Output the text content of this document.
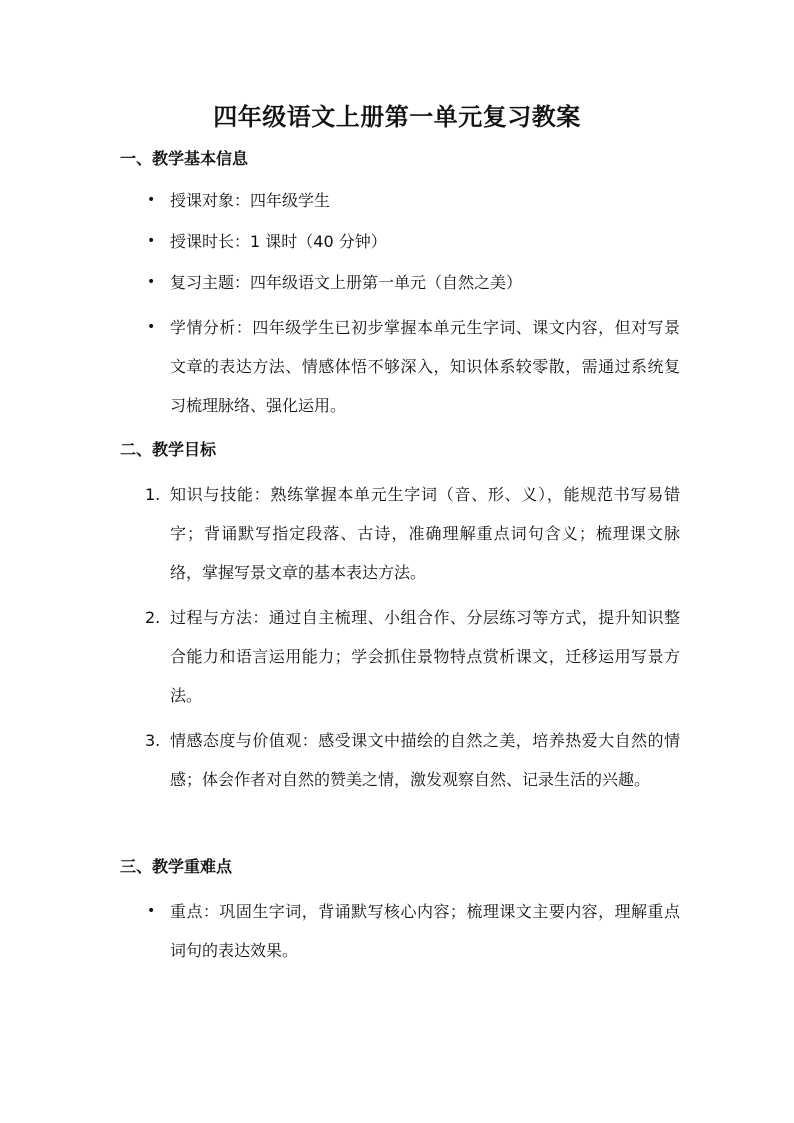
四年级语文上册第一单元复习教案
一、教学基本信息
• 授课对象：四年级学生
• 授课时长：1 课时（40 分钟）
• 复习主题：四年级语文上册第一单元（自然之美）
• 学情分析：四年级学生已初步掌握本单元生字词、课文内容，但对写景文章的表达方法、情感体悟不够深入，知识体系较零散，需通过系统复习梳理脉络、强化运用。
二、教学目标
1. 知识与技能：熟练掌握本单元生字词（音、形、义），能规范书写易错字；背诵默写指定段落、古诗，准确理解重点词句含义；梳理课文脉络，掌握写景文章的基本表达方法。
2. 过程与方法：通过自主梳理、小组合作、分层练习等方式，提升知识整合能力和语言运用能力；学会抓住景物特点赏析课文，迁移运用写景方法。
3. 情感态度与价值观：感受课文中描绘的自然之美，培养热爱大自然的情感；体会作者对自然的赞美之情，激发观察自然、记录生活的兴趣。
三、教学重难点
• 重点：巩固生字词，背诵默写核心内容；梳理课文主要内容，理解重点词句的表达效果。
